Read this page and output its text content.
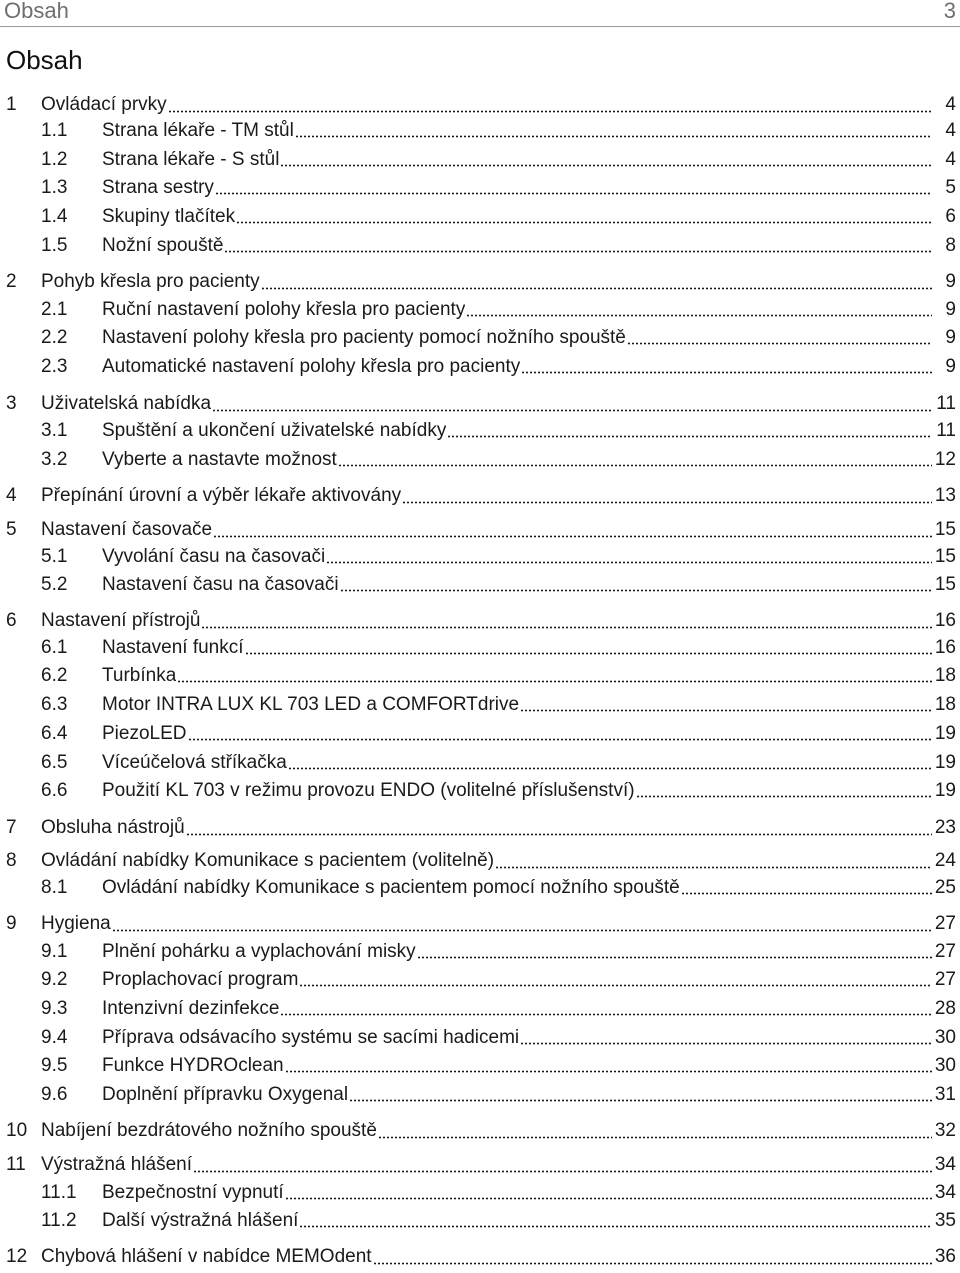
Obsah	3
Obsah
1	Ovládací prvky	4
1.1	Strana lékaře - TM stůl	4
1.2	Strana lékaře - S stůl	4
1.3	Strana sestry	5
1.4	Skupiny tlačítek	6
1.5	Nožní spouště	8
2	Pohyb křesla pro pacienty	9
2.1	Ruční nastavení polohy křesla pro pacienty	9
2.2	Nastavení polohy křesla pro pacienty pomocí nožního spouště	9
2.3	Automatické nastavení polohy křesla pro pacienty	9
3	Uživatelská nabídka	11
3.1	Spuštění a ukončení uživatelské nabídky	11
3.2	Vyberte a nastavte možnost	12
4	Přepínání úrovní a výběr lékaře aktivovány	13
5	Nastavení časovače	15
5.1	Vyvolání času na časovači	15
5.2	Nastavení času na časovači	15
6	Nastavení přístrojů	16
6.1	Nastavení funkcí	16
6.2	Turbínka	18
6.3	Motor INTRA LUX KL 703 LED a COMFORTdrive	18
6.4	PiezoLED	19
6.5	Víceúčelová stříkačka	19
6.6	Použití KL 703 v režimu provozu ENDO (volitelné příslušenství)	19
7	Obsluha nástrojů	23
8	Ovládání nabídky Komunikace s pacientem (volitelně)	24
8.1	Ovládání nabídky Komunikace s pacientem pomocí nožního spouště	25
9	Hygiena	27
9.1	Plnění pohárku a vyplachování misky	27
9.2	Proplachovací program	27
9.3	Intenzivní dezinfekce	28
9.4	Příprava odsávacího systému se sacími hadicemi	30
9.5	Funkce HYDROclean	30
9.6	Doplnění přípravku Oxygenal	31
10 Nabíjení bezdrátového nožního spouště	32
11 Výstražná hlášení	34
11.1	Bezpečnostní vypnutí	34
11.2	Další výstražná hlášení	35
12 Chybová hlášení v nabídce MEMOdent	36
